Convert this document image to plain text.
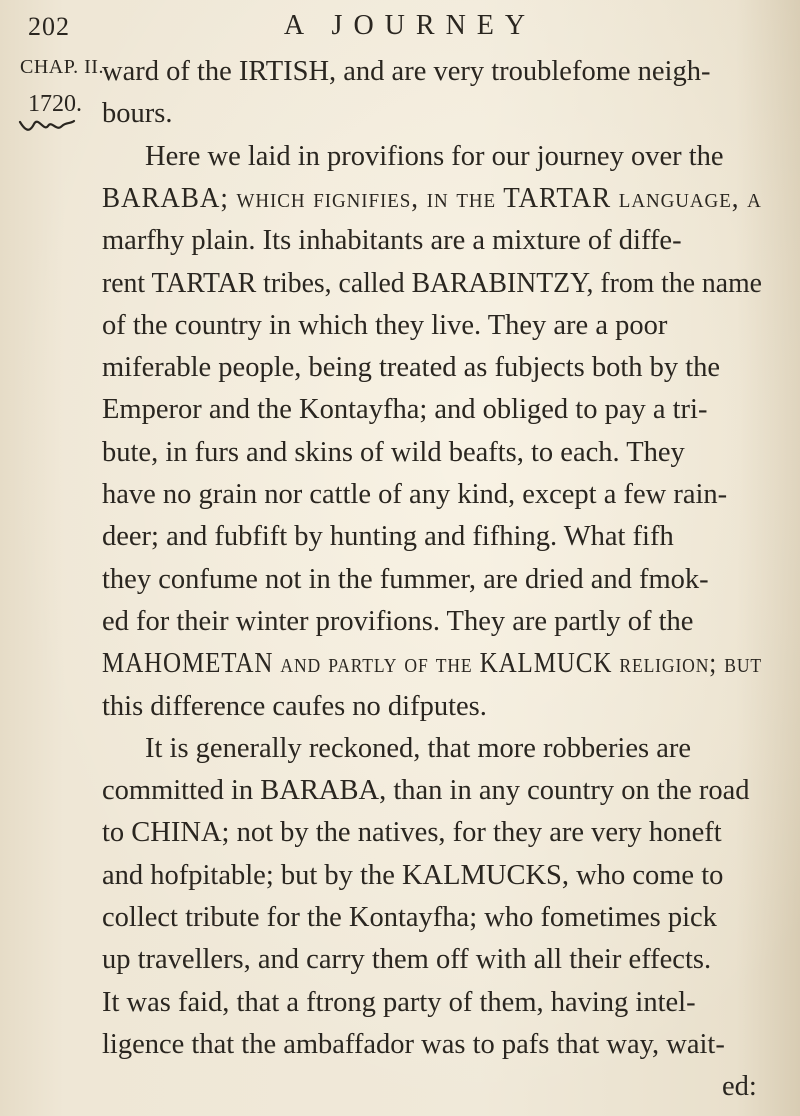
202	A JOURNEY
CHAP. II.
1720.
ward of the IRTISH, and are very troublefome neigh-
bours.
Here we laid in provifions for our journey over the
BARABA; which fignifies, in the TARTAR language, a
marfhy plain. Its inhabitants are a mixture of diffe-
rent TARTAR tribes, called BARABINTZY, from the name
of the country in which they live. They are a poor
miferable people, being treated as fubjects both by the
Emperor and the Kontayfha; and obliged to pay a tri-
bute, in furs and skins of wild beafts, to each. They
have no grain nor cattle of any kind, except a few rain-
deer; and fubfift by hunting and fifhing. What fifh
they confume not in the fummer, are dried and fmok-
ed for their winter provifions. They are partly of the
MAHOMETAN and partly of the KALMUCK religion; but
this difference caufes no difputes.
It is generally reckoned, that more robberies are
committed in BARABA, than in any country on the road
to CHINA; not by the natives, for they are very honeft
and hofpitable; but by the KALMUCKS, who come to
collect tribute for the Kontayfha; who fometimes pick
up travellers, and carry them off with all their effects.
It was faid, that a ftrong party of them, having intel-
ligence that the ambaffador was to pafs that way, wait-
ed:
